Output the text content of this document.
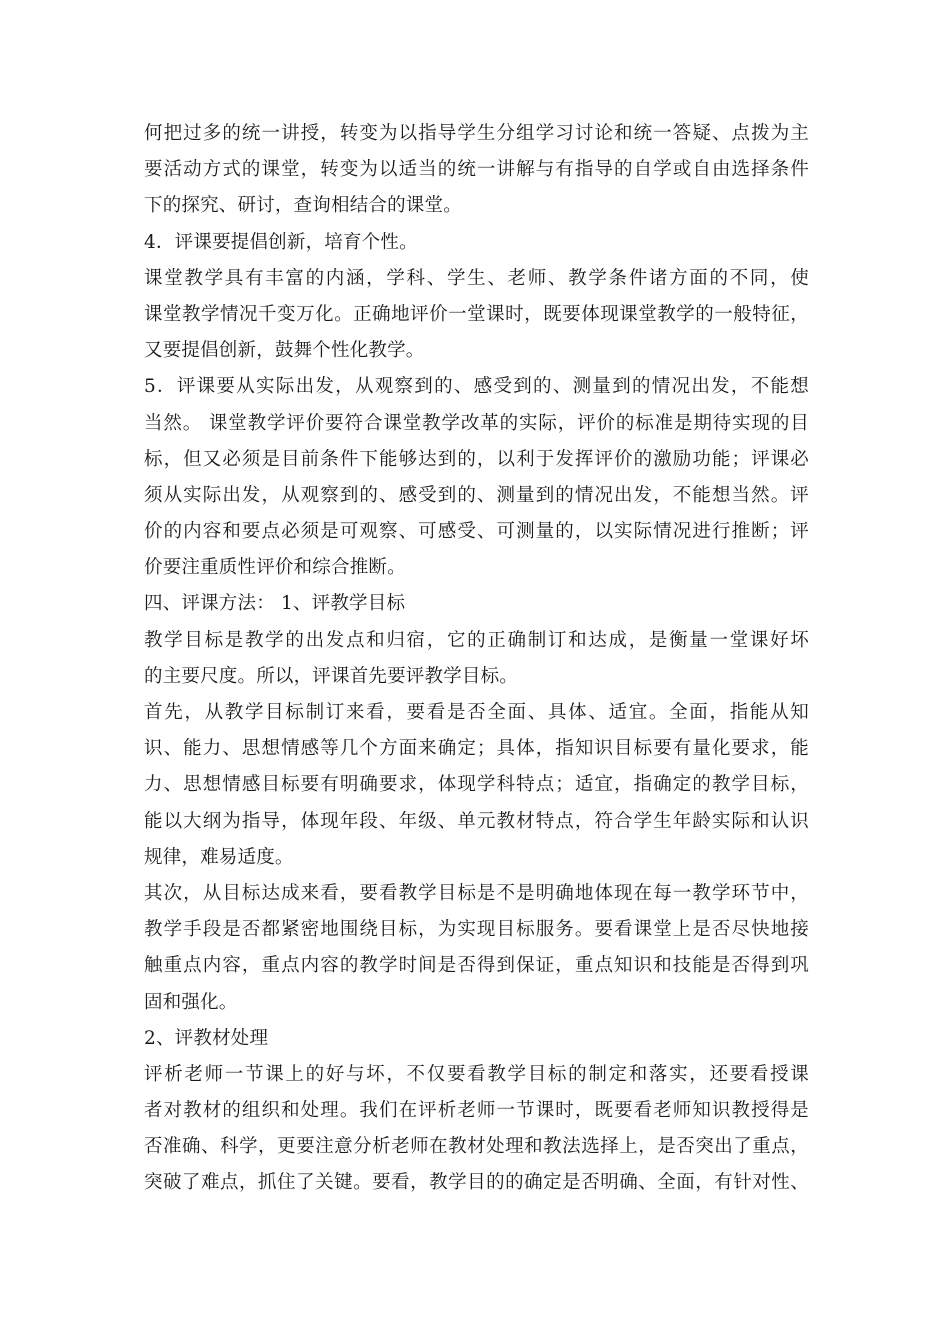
何把过多的统一讲授，转变为以指导学生分组学习讨论和统一答疑、点拨为主
要活动方式的课堂，转变为以适当的统一讲解与有指导的自学或自由选择条件
下的探究、研讨，查询相结合的课堂。
4．评课要提倡创新，培育个性。
课堂教学具有丰富的内涵，学科、学生、老师、教学条件诸方面的不同，使
课堂教学情况千变万化。正确地评价一堂课时，既要体现课堂教学的一般特征，
又要提倡创新，鼓舞个性化教学。
5．评课要从实际出发，从观察到的、感受到的、测量到的情况出发，不能想
当然。 课堂教学评价要符合课堂教学改革的实际，评价的标准是期待实现的目
标，但又必须是目前条件下能够达到的，以利于发挥评价的激励功能；评课必
须从实际出发，从观察到的、感受到的、测量到的情况出发，不能想当然。评
价的内容和要点必须是可观察、可感受、可测量的，以实际情况进行推断；评
价要注重质性评价和综合推断。
四、评课方法： 1、评教学目标
教学目标是教学的出发点和归宿，它的正确制订和达成，是衡量一堂课好坏
的主要尺度。所以，评课首先要评教学目标。
首先，从教学目标制订来看，要看是否全面、具体、适宜。全面，指能从知
识、能力、思想情感等几个方面来确定；具体，指知识目标要有量化要求，能
力、思想情感目标要有明确要求，体现学科特点；适宜，指确定的教学目标，
能以大纲为指导，体现年段、年级、单元教材特点，符合学生年龄实际和认识
规律，难易适度。
其次，从目标达成来看，要看教学目标是不是明确地体现在每一教学环节中，
教学手段是否都紧密地围绕目标，为实现目标服务。要看课堂上是否尽快地接
触重点内容，重点内容的教学时间是否得到保证，重点知识和技能是否得到巩
固和强化。
2、评教材处理
评析老师一节课上的好与坏，不仅要看教学目标的制定和落实，还要看授课
者对教材的组织和处理。我们在评析老师一节课时，既要看老师知识教授得是
否准确、科学，更要注意分析老师在教材处理和教法选择上，是否突出了重点，
突破了难点，抓住了关键。要看，教学目的的确定是否明确、全面，有针对性、
